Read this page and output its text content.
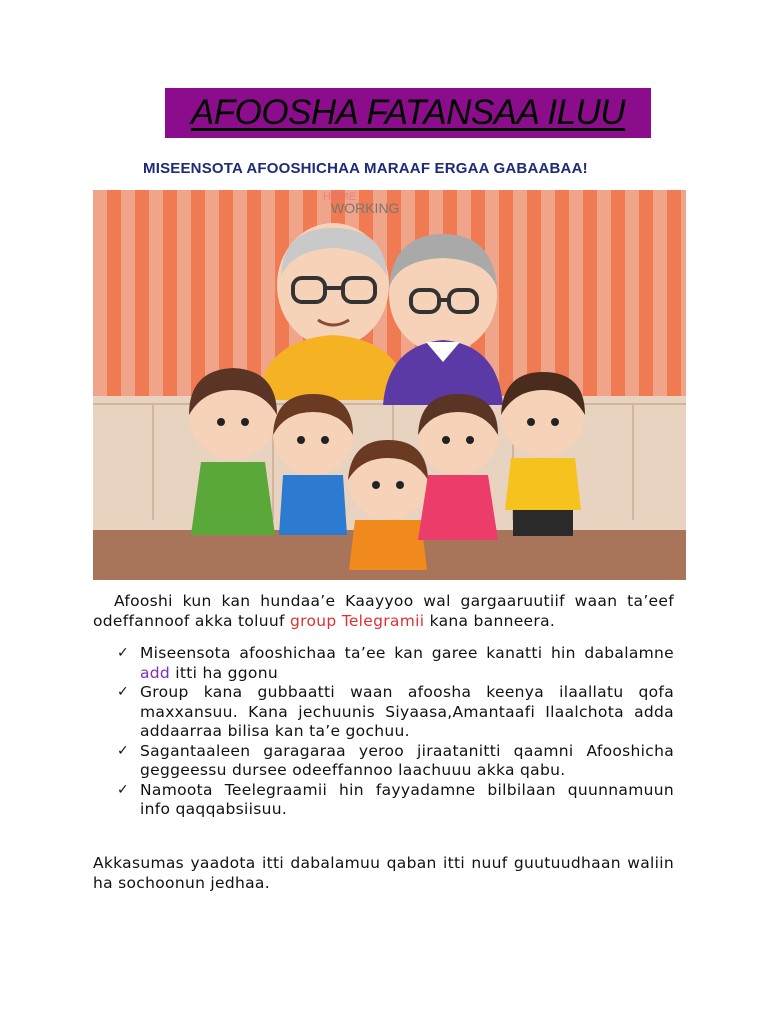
AFOOSHA FATANSAA ILUU
MISEENSOTA AFOOSHICHAA MARAAF ERGAA GABAABAA!
WORKING
HOME
Afooshi kun kan hundaa’e Kaayyoo wal gargaaruutiif waan ta’eef odeffannoof akka toluuf group Telegramii kana banneera.
✓ Miseensota afooshichaa ta’ee kan garee kanatti hin dabalamne add itti ha ggonu
✓ Group kana gubbaatti waan afoosha keenya ilaallatu qofa maxxansuu. Kana jechuunis Siyaasa,Amantaafi Ilaalchota adda addaarraa bilisa kan ta’e gochuu.
✓ Sagantaaleen garagaraa yeroo jiraatanitti qaamni Afooshicha geggeessu dursee odeeffannoo laachuuu akka qabu.
✓ Namoota Teelegraamii hin fayyadamne bilbilaan quunnamuun info qaqqabsiisuu.
Akkasumas yaadota itti dabalamuu qaban itti nuuf guutuudhaan waliin ha sochoonun jedhaa.
